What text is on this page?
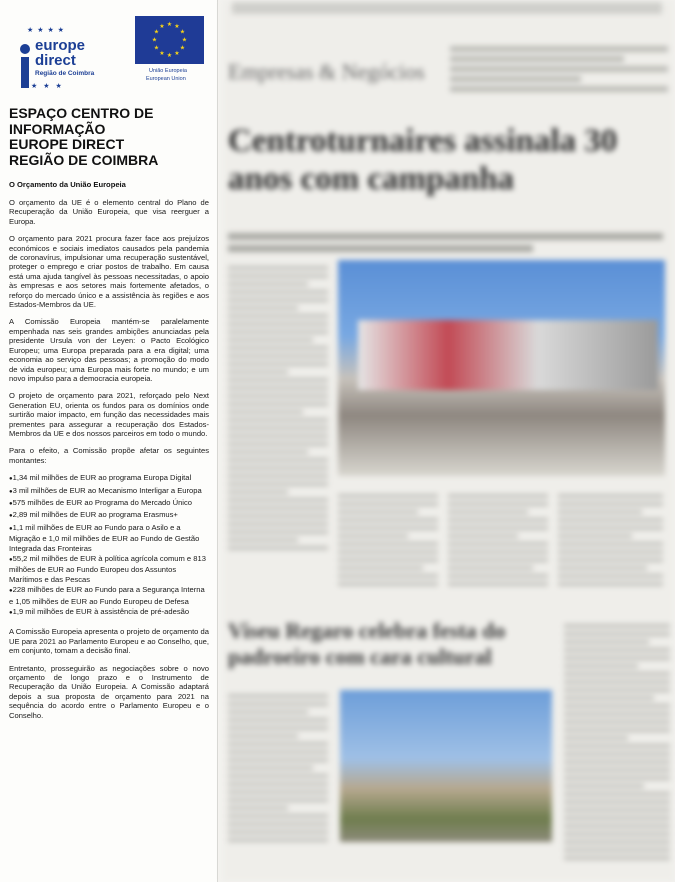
★ ★ ★ ★
europe
direct
Região de Coimbra
★ ★ ★
★ ★
★
★
★
★
★
★
★
★
★
★
União Europeia
European Union
ESPAÇO CENTRO DE
INFORMAÇÃO
EUROPE DIRECT
REGIÃO DE COIMBRA
O Orçamento da União Europeia
O orçamento da UE é o elemento central do Plano de Recuperação da União Europeia, que visa reerguer a Europa.
O orçamento para 2021 procura fazer face aos prejuízos económicos e sociais imediatos causados pela pandemia de coronavírus, impulsionar uma recuperação sustentável, proteger o emprego e criar postos de trabalho. Em causa está uma ajuda tangível às pessoas necessitadas, o apoio às empresas e aos setores mais fortemente afetados, o reforço do mercado único e a assistência às regiões e aos Estados-Membros da UE.
A Comissão Europeia mantém-se paralelamente empenhada nas seis grandes ambições anunciadas pela presidente Ursula von der Leyen: o Pacto Ecológico Europeu; uma Europa preparada para a era digital; uma economia ao serviço das pessoas; a promoção do modo de vida europeu; uma Europa mais forte no mundo; e um novo impulso para a democracia europeia.
O projeto de orçamento para 2021, reforçado pelo Next Generation EU, orienta os fundos para os domínios onde surtirão maior impacto, em função das necessidades mais prementes para assegurar a recuperação dos Estados-Membros da UE e dos nossos parceiros em todo o mundo.
Para o efeito, a Comissão propõe afetar os seguintes montantes:
● 1,34 mil milhões de EUR ao programa Europa Digital
● 3 mil milhões de EUR ao Mecanismo Interligar a Europa
● 575 milhões de EUR ao Programa do Mercado Único
● 2,89 mil milhões de EUR ao programa Erasmus+
● 1,1 mil milhões de EUR ao Fundo para o Asilo e a Migração e 1,0 mil milhões de EUR ao Fundo de Gestão Integrada das Fronteiras
● 55,2 mil milhões de EUR à política agrícola comum e 813 milhões de EUR ao Fundo Europeu dos Assuntos Marítimos e das Pescas
● 228 milhões de EUR ao Fundo para a Segurança Interna e 1,05 milhões de EUR ao Fundo Europeu de Defesa
● 1,9 mil milhões de EUR à assistência de pré-adesão
A Comissão Europeia apresenta o projeto de orçamento da UE para 2021 ao Parlamento Europeu e ao Conselho, que, em conjunto, tomam a decisão final.
Entretanto, prosseguirão as negociações sobre o novo orçamento de longo prazo e o Instrumento de Recuperação da União Europeia. A Comissão adaptará depois a sua proposta de orçamento para 2021 na sequência do acordo entre o Parlamento Europeu e o Conselho.
Empresas & Negócios
Centroturnaires assinala 30 anos com campanha
Viseu Regaro celebra festa do padroeiro com cara cultural
